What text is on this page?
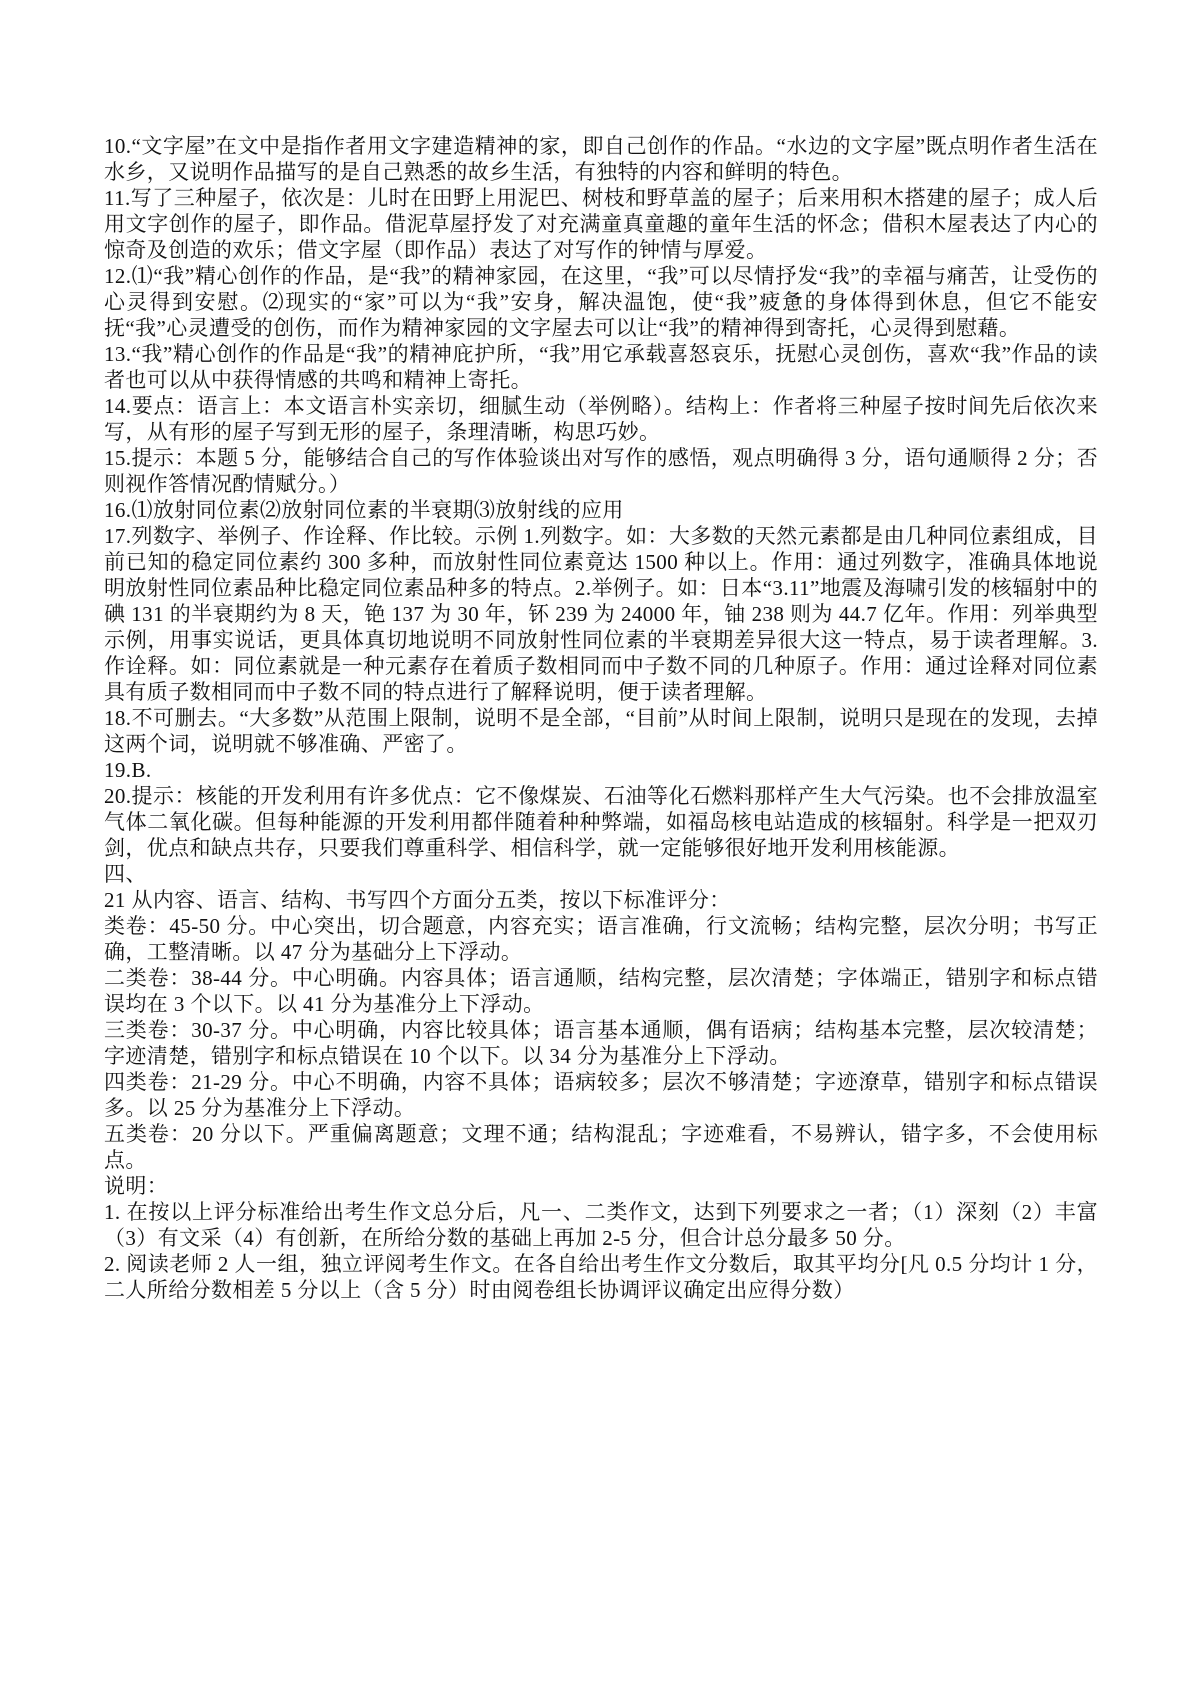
10.“文字屋”在文中是指作者用文字建造精神的家，即自己创作的作品。“水边的文字屋”既点明作者生活在水乡，又说明作品描写的是自己熟悉的故乡生活，有独特的内容和鲜明的特色。

11.写了三种屋子，依次是：儿时在田野上用泥巴、树枝和野草盖的屋子；后来用积木搭建的屋子；成人后用文字创作的屋子，即作品。借泥草屋抒发了对充满童真童趣的童年生活的怀念；借积木屋表达了内心的惊奇及创造的欢乐；借文字屋（即作品）表达了对写作的钟情与厚爱。

12.⑴“我”精心创作的作品，是“我”的精神家园，在这里，“我”可以尽情抒发“我”的幸福与痛苦，让受伤的心灵得到安慰。⑵现实的“家”可以为“我”安身，解决温饱，使“我”疲惫的身体得到休息，但它不能安抚“我”心灵遭受的创伤，而作为精神家园的文字屋去可以让“我”的精神得到寄托，心灵得到慰藉。

13.“我”精心创作的作品是“我”的精神庇护所，“我”用它承载喜怒哀乐，抚慰心灵创伤，喜欢“我”作品的读者也可以从中获得情感的共鸣和精神上寄托。

14.要点：语言上：本文语言朴实亲切，细腻生动（举例略）。结构上：作者将三种屋子按时间先后依次来写，从有形的屋子写到无形的屋子，条理清晰，构思巧妙。

15.提示：本题 5 分，能够结合自己的写作体验谈出对写作的感悟，观点明确得 3 分，语句通顺得 2 分；否则视作答情况酌情赋分。）

16.⑴放射同位素⑵放射同位素的半衰期⑶放射线的应用

17.列数字、举例子、作诠释、作比较。示例 1.列数字。如：大多数的天然元素都是由几种同位素组成，目前已知的稳定同位素约 300 多种，而放射性同位素竟达 1500 种以上。作用：通过列数字，准确具体地说明放射性同位素品种比稳定同位素品种多的特点。2.举例子。如：日本“3.11”地震及海啸引发的核辐射中的碘 131 的半衰期约为 8 天，铯 137 为 30 年，钚 239 为 24000 年，铀 238 则为 44.7 亿年。作用：列举典型示例，用事实说话，更具体真切地说明不同放射性同位素的半衰期差异很大这一特点，易于读者理解。3.作诠释。如：同位素就是一种元素存在着质子数相同而中子数不同的几种原子。作用：通过诠释对同位素具有质子数相同而中子数不同的特点进行了解释说明，便于读者理解。

18.不可删去。“大多数”从范围上限制，说明不是全部，“目前”从时间上限制，说明只是现在的发现，去掉这两个词，说明就不够准确、严密了。

19.B.

20.提示：核能的开发利用有许多优点：它不像煤炭、石油等化石燃料那样产生大气污染。也不会排放温室气体二氧化碳。但每种能源的开发利用都伴随着种种弊端，如福岛核电站造成的核辐射。科学是一把双刃剑，优点和缺点共存，只要我们尊重科学、相信科学，就一定能够很好地开发利用核能源。

四、

21 从内容、语言、结构、书写四个方面分五类，按以下标准评分：

类卷：45-50 分。中心突出，切合题意，内容充实；语言准确，行文流畅；结构完整，层次分明；书写正确，工整清晰。以 47 分为基础分上下浮动。

二类卷：38-44 分。中心明确。内容具体；语言通顺，结构完整，层次清楚；字体端正，错别字和标点错误均在 3 个以下。以 41 分为基准分上下浮动。

三类卷：30-37 分。中心明确，内容比较具体；语言基本通顺，偶有语病；结构基本完整，层次较清楚；字迹清楚，错别字和标点错误在 10 个以下。以 34 分为基准分上下浮动。

四类卷：21-29 分。中心不明确，内容不具体；语病较多；层次不够清楚；字迹潦草，错别字和标点错误多。以 25 分为基准分上下浮动。

五类卷：20 分以下。严重偏离题意；文理不通；结构混乱；字迹难看，不易辨认，错字多，不会使用标点。

说明：

1. 在按以上评分标准给出考生作文总分后，凡一、二类作文，达到下列要求之一者；（1）深刻（2）丰富（3）有文采（4）有创新，在所给分数的基础上再加 2-5 分，但合计总分最多 50 分。

2. 阅读老师 2 人一组，独立评阅考生作文。在各自给出考生作文分数后，取其平均分[凡 0.5 分均计 1 分，二人所给分数相差 5 分以上（含 5 分）时由阅卷组长协调评议确定出应得分数）
